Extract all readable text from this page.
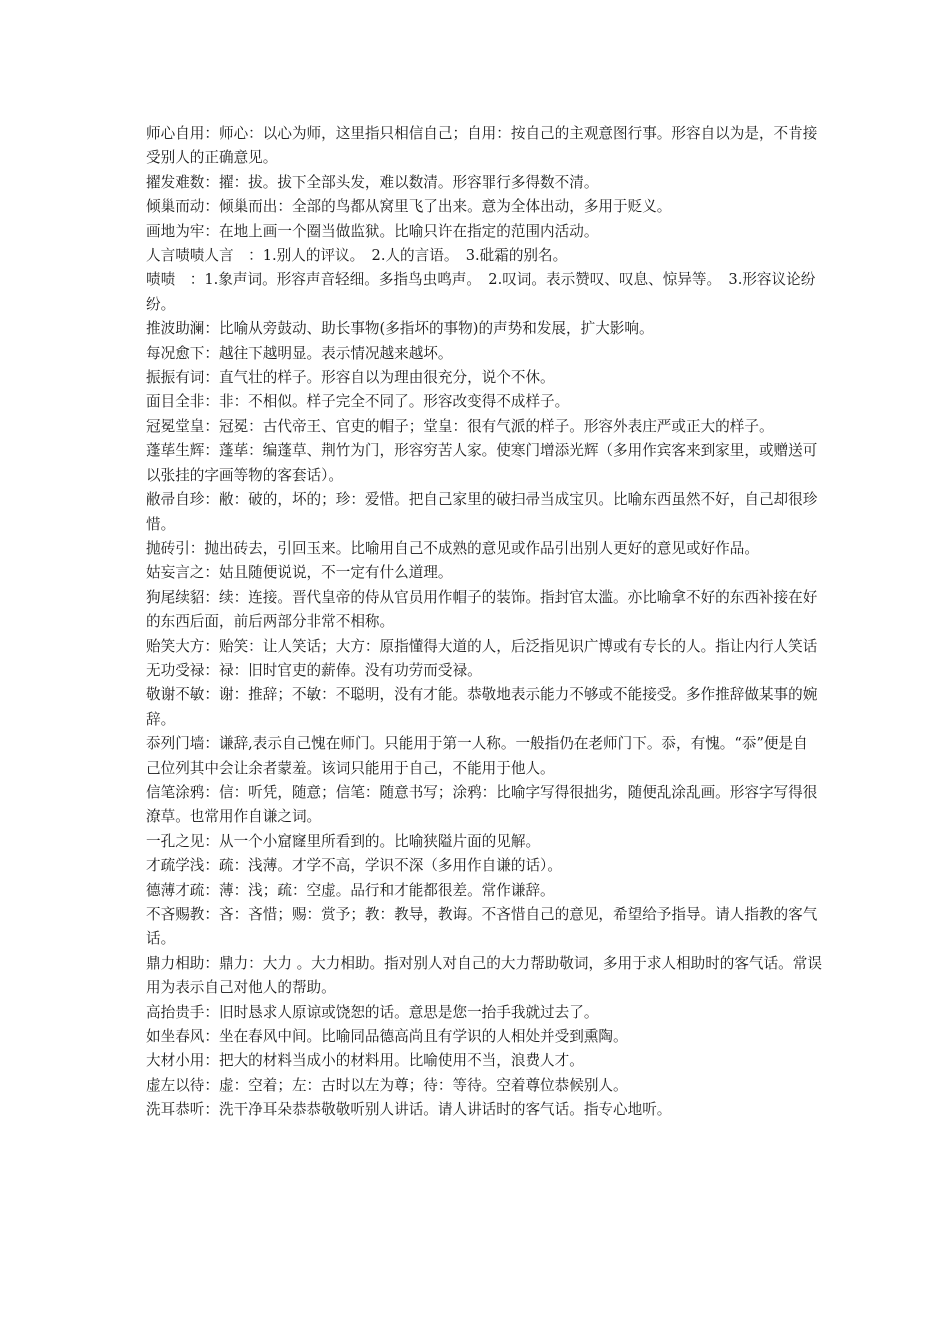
师心自用：师心：以心为师，这里指只相信自己；自用：按自己的主观意图行事。形容自以为是，不肯接受别人的正确意见。

擢发难数：擢：拔。拔下全部头发，难以数清。形容罪行多得数不清。

倾巢而动：倾巢而出：全部的鸟都从窝里飞了出来。意为全体出动，多用于贬义。

画地为牢：在地上画一个圈当做监狱。比喻只许在指定的范围内活动。

人言啧啧人言　：1.别人的评议。　2.人的言语。　3.砒霜的别名。

啧啧　：1.象声词。形容声音轻细。多指鸟虫鸣声。　2.叹词。表示赞叹、叹息、惊异等。　3.形容议论纷纷。

推波助澜：比喻从旁鼓动、助长事物(多指坏的事物)的声势和发展，扩大影响。

每况愈下：越往下越明显。表示情况越来越坏。

振振有词：直气壮的样子。形容自以为理由很充分，说个不休。

面目全非：非：不相似。样子完全不同了。形容改变得不成样子。

冠冕堂皇：冠冕：古代帝王、官吏的帽子；堂皇：很有气派的样子。形容外表庄严或正大的样子。

蓬荜生辉：蓬荜：编蓬草、荆竹为门，形容穷苦人家。使寒门增添光辉（多用作宾客来到家里，或赠送可以张挂的字画等物的客套话）。

敝帚自珍：敝：破的，坏的；珍：爱惜。把自己家里的破扫帚当成宝贝。比喻东西虽然不好，自己却很珍惜。

抛砖引：抛出砖去，引回玉来。比喻用自己不成熟的意见或作品引出别人更好的意见或好作品。

姑妄言之：姑且随便说说，不一定有什么道理。

狗尾续貂：续：连接。晋代皇帝的侍从官员用作帽子的装饰。指封官太滥。亦比喻拿不好的东西补接在好的东西后面，前后两部分非常不相称。

贻笑大方：贻笑：让人笑话；大方：原指懂得大道的人，后泛指见识广博或有专长的人。指让内行人笑话

无功受禄：禄：旧时官吏的薪俸。没有功劳而受禄。

敬谢不敏：谢：推辞；不敏：不聪明，没有才能。恭敬地表示能力不够或不能接受。多作推辞做某事的婉辞。

忝列门墙：谦辞,表示自己愧在师门。只能用于第一人称。一般指仍在老师门下。忝，有愧。“忝”便是自己位列其中会让余者蒙羞。该词只能用于自己，不能用于他人。

信笔涂鸦：信：听凭，随意；信笔：随意书写；涂鸦：比喻字写得很拙劣，随便乱涂乱画。形容字写得很潦草。也常用作自谦之词。

一孔之见：从一个小窟窿里所看到的。比喻狭隘片面的见解。

才疏学浅：疏：浅薄。才学不高，学识不深（多用作自谦的话）。

德薄才疏：薄：浅；疏：空虚。品行和才能都很差。常作谦辞。

不吝赐教：吝：吝惜；赐：赏予；教：教导，教诲。不吝惜自己的意见，希望给予指导。请人指教的客气话。

鼎力相助：鼎力：大力 。大力相助。指对别人对自己的大力帮助敬词，多用于求人相助时的客气话。常误用为表示自己对他人的帮助。

高抬贵手：旧时恳求人原谅或饶恕的话。意思是您一抬手我就过去了。

如坐春风：坐在春风中间。比喻同品德高尚且有学识的人相处并受到熏陶。

大材小用：把大的材料当成小的材料用。比喻使用不当，浪费人才。

虚左以待：虚：空着；左：古时以左为尊；待：等待。空着尊位恭候别人。

洗耳恭听：洗干净耳朵恭恭敬敬听别人讲话。请人讲话时的客气话。指专心地听。
